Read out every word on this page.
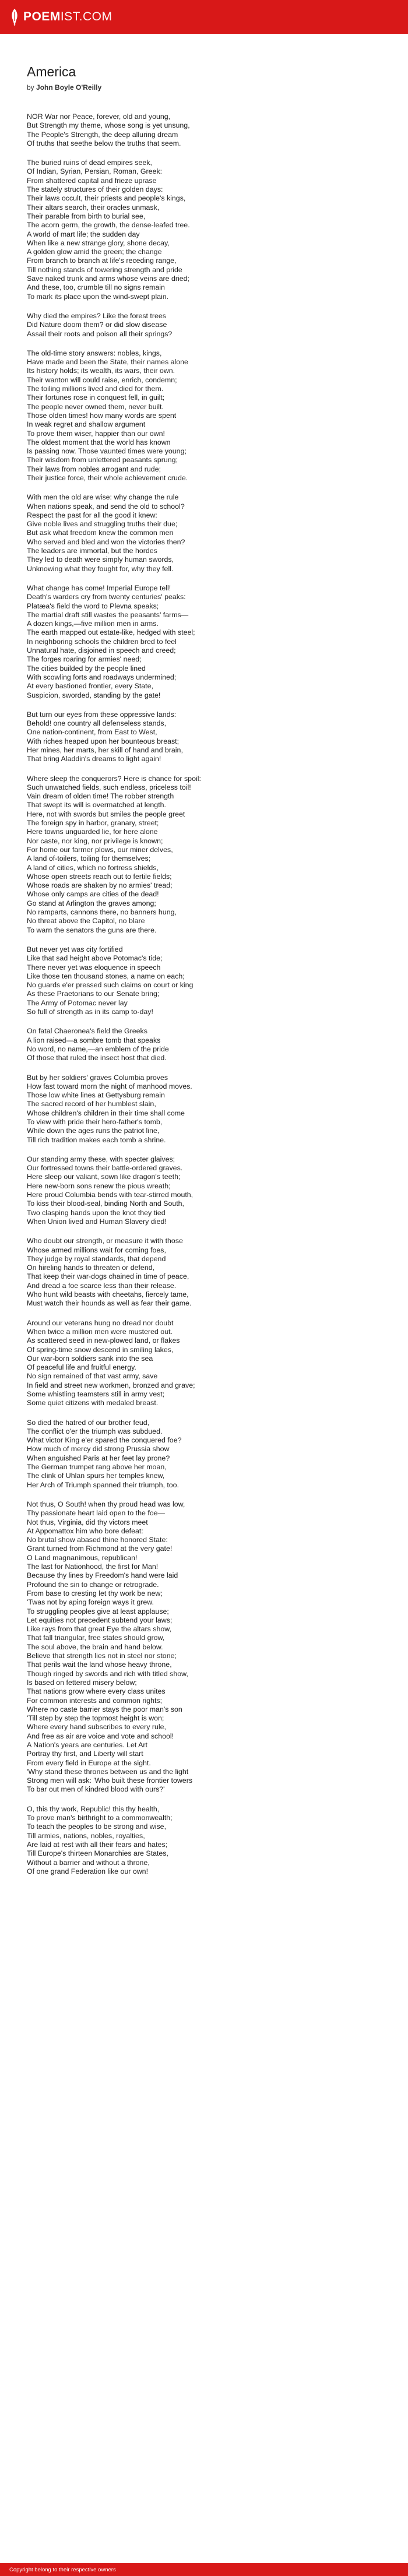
POEMIST.COM
America
by John Boyle O'Reilly
NOR War nor Peace, forever, old and young,
But Strength my theme, whose song is yet unsung,
The People's Strength, the deep alluring dream
Of truths that seethe below the truths that seem.
The buried ruins of dead empires seek,
Of Indian, Syrian, Persian, Roman, Greek:
From shattered capital and frieze uprase
The stately structures of their golden days:
Their laws occult, their priests and people's kings,
Their altars search, their oracles unmask,
Their parable from birth to burial see,
The acorn germ, the growth, the dense-leafed tree.
A world of mart life; the sudden day
When like a new strange glory, shone decay,
A golden glow amid the green; the change
From branch to branch at life's receding range,
Till nothing stands of towering strength and pride
Save naked trunk and arms whose veins are dried;
And these, too, crumble till no signs remain
To mark its place upon the wind-swept plain.
Why died the empires? Like the forest trees
Did Nature doom them? or did slow disease
Assail their roots and poison all their springs?
The old-time story answers: nobles, kings,
Have made and been the State, their names alone
Its history holds; its wealth, its wars, their own.
Their wanton will could raise, enrich, condemn;
The toiling millions lived and died for them.
Their fortunes rose in conquest fell, in guilt;
The people never owned them, never built.
Those olden times! how many words are spent
In weak regret and shallow argument
To prove them wiser, happier than our own!
The oldest moment that the world has known
Is passing now. Those vaunted times were young;
Their wisdom from unlettered peasants sprung;
Their laws from nobles arrogant and rude;
Their justice force, their whole achievement crude.
With men the old are wise: why change the rule
When nations speak, and send the old to school?
Respect the past for all the good it knew:
Give noble lives and struggling truths their due;
But ask what freedom knew the common men
Who served and bled and won the victories then?
The leaders are immortal, but the hordes
They led to death were simply human swords,
Unknowing what they fought for, why they fell.
What change has come! Imperial Europe tell!
Death's warders cry from twenty centuries' peaks:
Platæa's field the word to Plevna speaks;
The martial draft still wastes the peasants' farms—
A dozen kings,—five million men in arms.
The earth mapped out estate-like, hedged with steel;
In neighboring schools the children bred to feel
Unnatural hate, disjoined in speech and creed;
The forges roaring for armies' need;
The cities builded by the people lined
With scowling forts and roadways undermined;
At every bastioned frontier, every State,
Suspicion, sworded, standing by the gate!
But turn our eyes from these oppressive lands:
Behold! one country all defenseless stands,
One nation-continent, from East to West,
With riches heaped upon her bounteous breast;
Her mines, her marts, her skill of hand and brain,
That bring Aladdin's dreams to light again!
Where sleep the conquerors? Here is chance for spoil:
Such unwatched fields, such endless, priceless toil!
Vain dream of olden time! The robber strength
That swept its will is overmatched at length.
Here, not with swords but smiles the people greet
The foreign spy in harbor, granary, street;
Here towns unguarded lie, for here alone
Nor caste, nor king, nor privilege is known;
For home our farmer plows, our miner delves,
A land of-toilers, toiling for themselves;
A land of cities, which no fortress shields,
Whose open streets reach out to fertile fields;
Whose roads are shaken by no armies' tread;
Whose only camps are cities of the dead!
Go stand at Arlington the graves among;
No ramparts, cannons there, no banners hung,
No threat above the Capitol, no blare
To warn the senators the guns are there.
But never yet was city fortified
Like that sad height above Potomac's tide;
There never yet was eloquence in speech
Like those ten thousand stones, a name on each;
No guards e'er pressed such claims on court or king
As these Praetorians to our Senate bring;
The Army of Potomac never lay
So full of strength as in its camp to-day!
On fatal Chaeronea's field the Greeks
A lion raised—a sombre tomb that speaks
No word, no name,—an emblem of the pride
Of those that ruled the insect host that died.
But by her soldiers' graves Columbia proves
How fast toward morn the night of manhood moves.
Those low white lines at Gettysburg remain
The sacred record of her humblest slain,
Whose children's children in their time shall come
To view with pride their hero-father's tomb,
While down the ages runs the patriot line,
Till rich tradition makes each tomb a shrine.
Our standing army these, with specter glaives;
Our fortressed towns their battle-ordered graves.
Here sleep our valiant, sown like dragon's teeth;
Here new-born sons renew the pious wreath;
Here proud Columbia bends with tear-stirred mouth,
To kiss their blood-seal, binding North and South,
Two clasping hands upon the knot they tied
When Union lived and Human Slavery died!
Who doubt our strength, or measure it with those
Whose armed millions wait for coming foes,
They judge by royal standards, that depend
On hireling hands to threaten or defend,
That keep their war-dogs chained in time of peace,
And dread a foe scarce less than their release.
Who hunt wild beasts with cheetahs, fiercely tame,
Must watch their hounds as well as fear their game.
Around our veterans hung no dread nor doubt
When twice a million men were mustered out.
As scattered seed in new-plowed land, or flakes
Of spring-time snow descend in smiling lakes,
Our war-born soldiers sank into the sea
Of peaceful life and fruitful energy.
No sign remained of that vast army, save
In field and street new workmen, bronzed and grave;
Some whistling teamsters still in army vest;
Some quiet citizens with medaled breast.
So died the hatred of our brother feud,
The conflict o'er the triumph was subdued.
What victor King e'er spared the conquered foe?
How much of mercy did strong Prussia show
When anguished Paris at her feet lay prone?
The German trumpet rang above her moan,
The clink of Uhlan spurs her temples knew,
Her Arch of Triumph spanned their triumph, too.
Not thus, O South! when thy proud head was low,
Thy passionate heart laid open to the foe—
Not thus, Virginia, did thy victors meet
At Appomattox him who bore defeat:
No brutal show abased thine honored State:
Grant turned from Richmond at the very gate!
O Land magnanimous, republican!
The last for Nationhood, the first for Man!
Because thy lines by Freedom's hand were laid
Profound the sin to change or retrograde.
From base to cresting let thy work be new;
'Twas not by aping foreign ways it grew.
To struggling peoples give at least applause;
Let equities not precedent subtend your laws;
Like rays from that great Eye the altars show,
That fall triangular, free states should grow,
The soul above, the brain and hand below.
Believe that strength lies not in steel nor stone;
That perils wait the land whose heavy throne,
Though ringed by swords and rich with titled show,
Is based on fettered misery below;
That nations grow where every class unites
For common interests and common rights;
Where no caste barrier stays the poor man's son
'Till step by step the topmost height is won;
Where every hand subscribes to every rule,
And free as air are voice and vote and school!
A Nation's years are centuries. Let Art
Portray thy first, and Liberty will start
From every field in Europe at the sight.
'Why stand these thrones between us and the light
Strong men will ask: 'Who built these frontier towers
To bar out men of kindred blood with ours?'
O, this thy work, Republic! this thy health,
To prove man's birthright to a commonwealth;
To teach the peoples to be strong and wise,
Till armies, nations, nobles, royalties,
Are laid at rest with all their fears and hates;
Till Europe's thirteen Monarchies are States,
Without a barrier and without a throne,
Of one grand Federation like our own!
Copyright belong to their respective owners
